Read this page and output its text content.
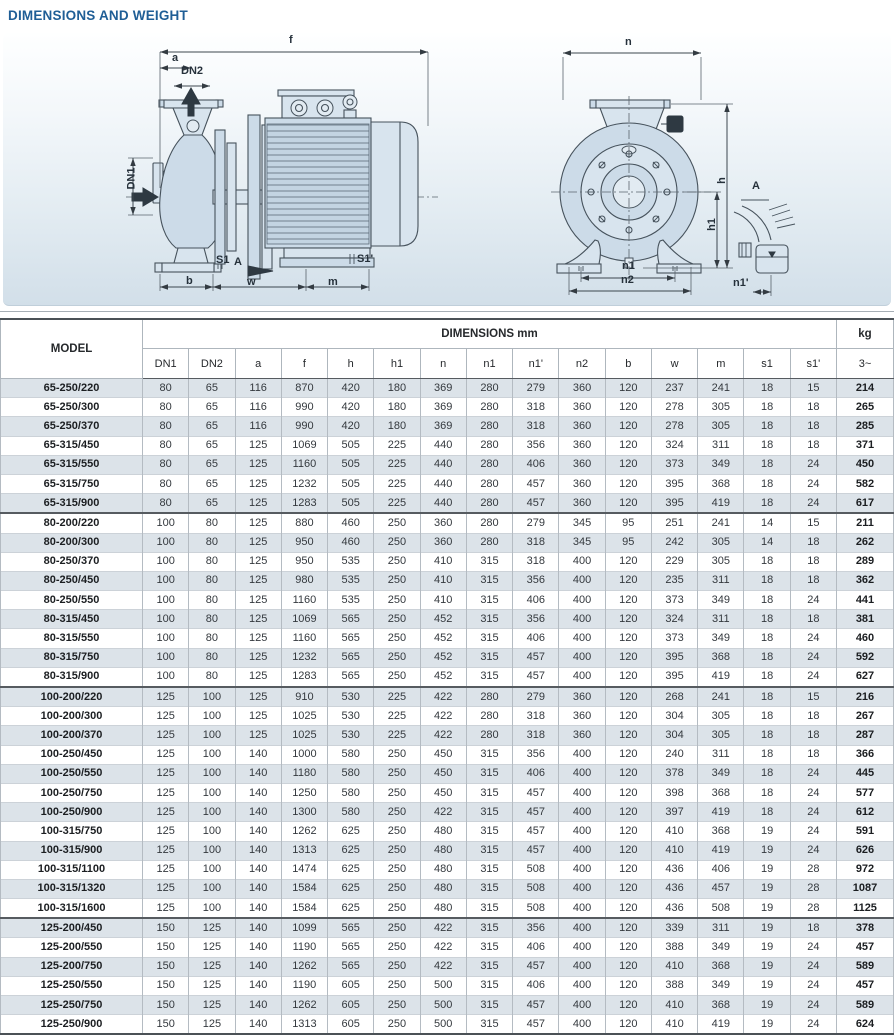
DIMENSIONS AND WEIGHT
f
a
DN2
DN1
S1 A	S1'
b	w	m
n
h
h1
A
n1
n2	n1'
MODEL	DIMENSIONS mm															kg
	DN1	DN2	a	f	h	h1	n	n1	n1'	n2	b	w	m	s1	s1'	3~
65-250/220	80	65	116	870	420	180	369	280	279	360	120	237	241	18	15	214
65-250/300	80	65	116	990	420	180	369	280	318	360	120	278	305	18	18	265
65-250/370	80	65	116	990	420	180	369	280	318	360	120	278	305	18	18	285
65-315/450	80	65	125	1069	505	225	440	280	356	360	120	324	311	18	18	371
65-315/550	80	65	125	1160	505	225	440	280	406	360	120	373	349	18	24	450
65-315/750	80	65	125	1232	505	225	440	280	457	360	120	395	368	18	24	582
65-315/900	80	65	125	1283	505	225	440	280	457	360	120	395	419	18	24	617
80-200/220	100	80	125	880	460	250	360	280	279	345	95	251	241	14	15	211
80-200/300	100	80	125	950	460	250	360	280	318	345	95	242	305	14	18	262
80-250/370	100	80	125	950	535	250	410	315	318	400	120	229	305	18	18	289
80-250/450	100	80	125	980	535	250	410	315	356	400	120	235	311	18	18	362
80-250/550	100	80	125	1160	535	250	410	315	406	400	120	373	349	18	24	441
80-315/450	100	80	125	1069	565	250	452	315	356	400	120	324	311	18	18	381
80-315/550	100	80	125	1160	565	250	452	315	406	400	120	373	349	18	24	460
80-315/750	100	80	125	1232	565	250	452	315	457	400	120	395	368	18	24	592
80-315/900	100	80	125	1283	565	250	452	315	457	400	120	395	419	18	24	627
100-200/220	125	100	125	910	530	225	422	280	279	360	120	268	241	18	15	216
100-200/300	125	100	125	1025	530	225	422	280	318	360	120	304	305	18	18	267
100-200/370	125	100	125	1025	530	225	422	280	318	360	120	304	305	18	18	287
100-250/450	125	100	140	1000	580	250	450	315	356	400	120	240	311	18	18	366
100-250/550	125	100	140	1180	580	250	450	315	406	400	120	378	349	18	24	445
100-250/750	125	100	140	1250	580	250	450	315	457	400	120	398	368	18	24	577
100-250/900	125	100	140	1300	580	250	422	315	457	400	120	397	419	18	24	612
100-315/750	125	100	140	1262	625	250	480	315	457	400	120	410	368	19	24	591
100-315/900	125	100	140	1313	625	250	480	315	457	400	120	410	419	19	24	626
100-315/1100	125	100	140	1474	625	250	480	315	508	400	120	436	406	19	28	972
100-315/1320	125	100	140	1584	625	250	480	315	508	400	120	436	457	19	28	1087
100-315/1600	125	100	140	1584	625	250	480	315	508	400	120	436	508	19	28	1125
125-200/450	150	125	140	1099	565	250	422	315	356	400	120	339	311	19	18	378
125-200/550	150	125	140	1190	565	250	422	315	406	400	120	388	349	19	24	457
125-200/750	150	125	140	1262	565	250	422	315	457	400	120	410	368	19	24	589
125-250/550	150	125	140	1190	605	250	500	315	406	400	120	388	349	19	24	457
125-250/750	150	125	140	1262	605	250	500	315	457	400	120	410	368	19	24	589
125-250/900	150	125	140	1313	605	250	500	315	457	400	120	410	419	19	24	624
